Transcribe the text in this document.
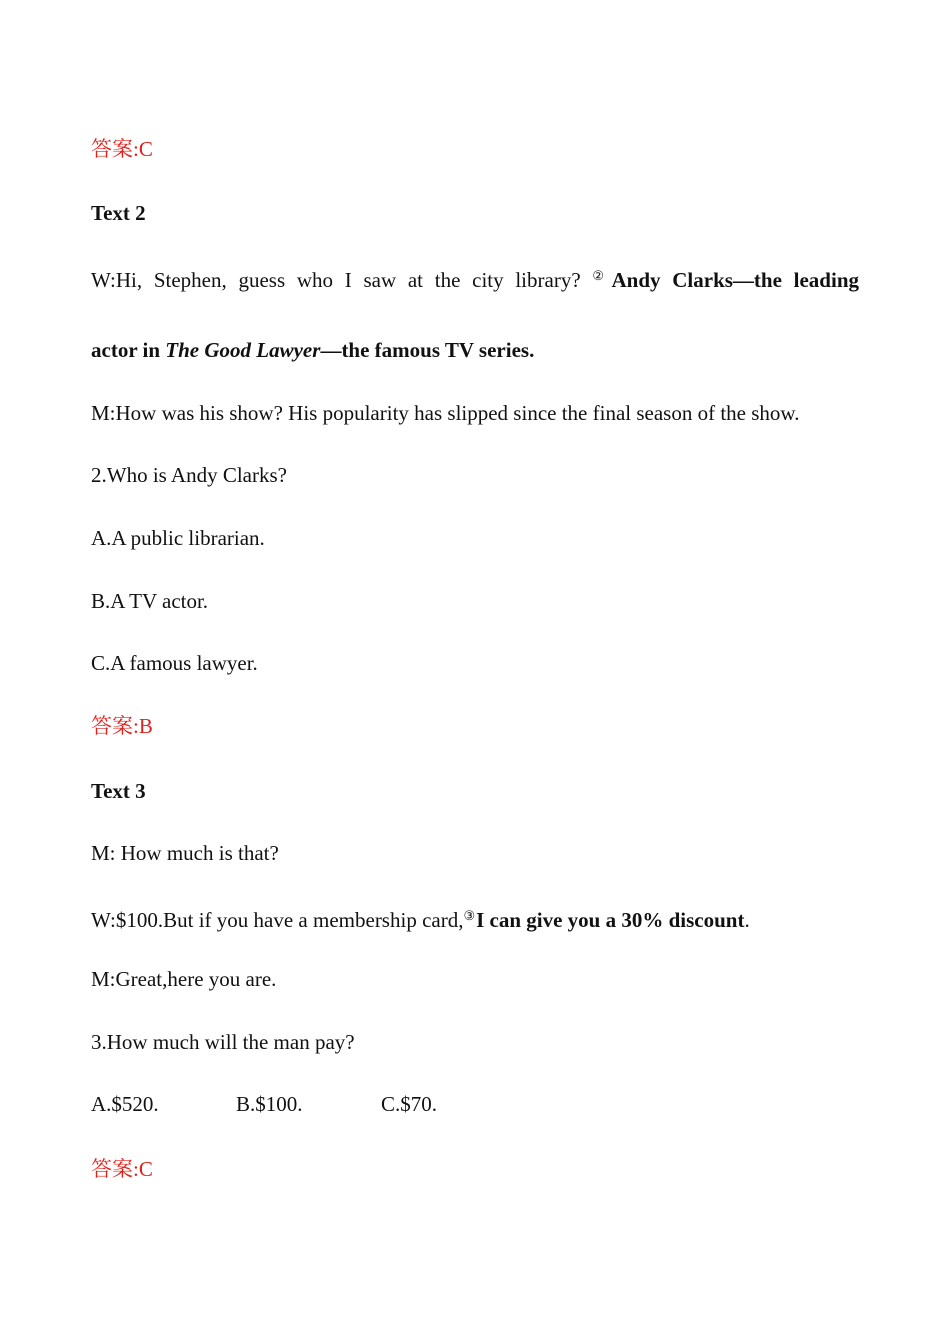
答案:C
Text 2
W:Hi, Stephen, guess who I saw at the city library? ②Andy Clarks—the leading
actor in The Good Lawyer—the famous TV series.
M:How was his show? His popularity has slipped since the final season of the show.
2.Who is Andy Clarks?
A.A public librarian.
B.A TV actor.
C.A famous lawyer.
答案:B
Text 3
M: How much is that?
W:$100.But if you have a membership card,③I can give you a 30% discount.
M:Great,here you are.
3.How much will the man pay?
A.$520.	B.$100.	C.$70.
答案:C
